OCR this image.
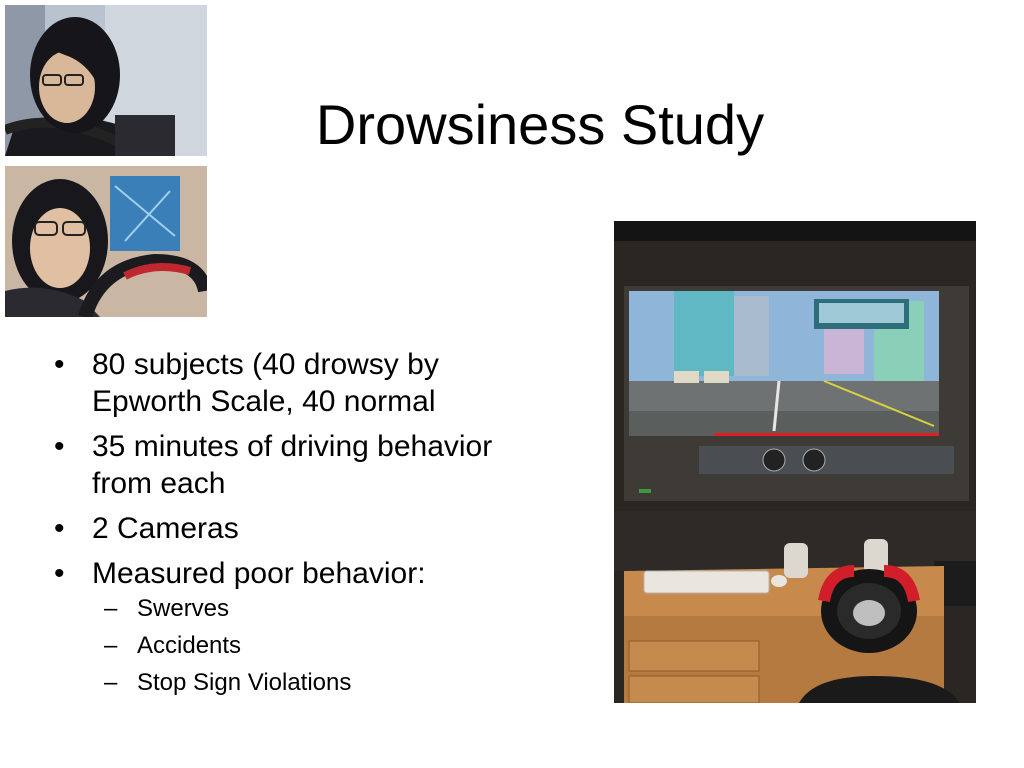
Drowsiness Study
• 80 subjects (40 drowsy by
Epworth Scale, 40 normal
• 35 minutes of driving behavior
from each
• 2 Cameras
• Measured poor behavior:
– Swerves
– Accidents
– Stop Sign Violations
